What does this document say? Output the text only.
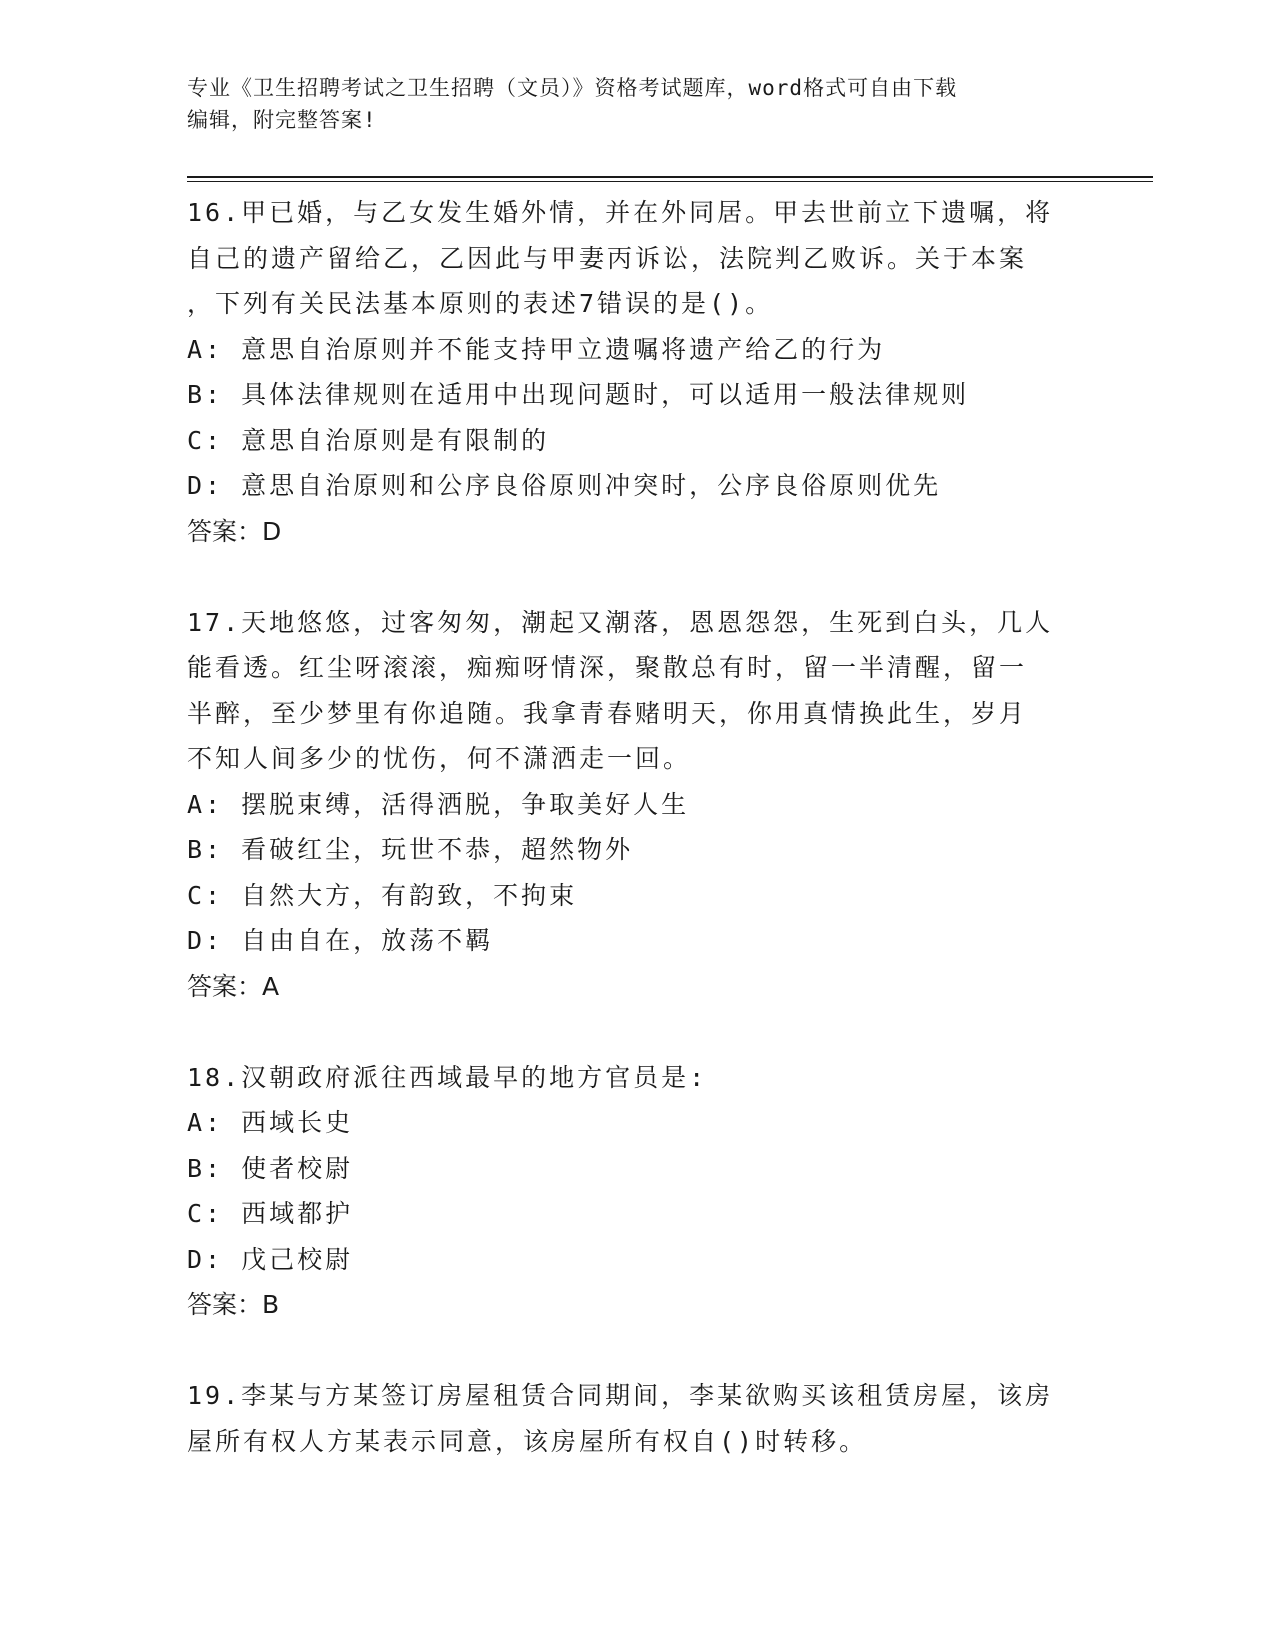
专业《卫生招聘考试之卫生招聘（文员）》资格考试题库，word格式可自由下载
编辑，附完整答案!

16.甲已婚，与乙女发生婚外情，并在外同居。甲去世前立下遗嘱，将

自己的遗产留给乙，乙因此与甲妻丙诉讼，法院判乙败诉。关于本案

，下列有关民法基本原则的表述7错误的是()。

A: 意思自治原则并不能支持甲立遗嘱将遗产给乙的行为

B: 具体法律规则在适用中出现问题时，可以适用一般法律规则

C: 意思自治原则是有限制的

D: 意思自治原则和公序良俗原则冲突时，公序良俗原则优先

答案：D

17.天地悠悠，过客匆匆，潮起又潮落，恩恩怨怨，生死到白头，几人

能看透。红尘呀滚滚，痴痴呀情深，聚散总有时，留一半清醒，留一

半醉，至少梦里有你追随。我拿青春赌明天，你用真情换此生，岁月

不知人间多少的忧伤，何不潇洒走一回。

A: 摆脱束缚，活得洒脱，争取美好人生

B: 看破红尘，玩世不恭，超然物外

C: 自然大方，有韵致，不拘束

D: 自由自在，放荡不羁

答案：A

18.汉朝政府派往西域最早的地方官员是:

A: 西域长史

B: 使者校尉

C: 西域都护

D: 戊己校尉

答案：B

19.李某与方某签订房屋租赁合同期间，李某欲购买该租赁房屋，该房

屋所有权人方某表示同意，该房屋所有权自()时转移。
